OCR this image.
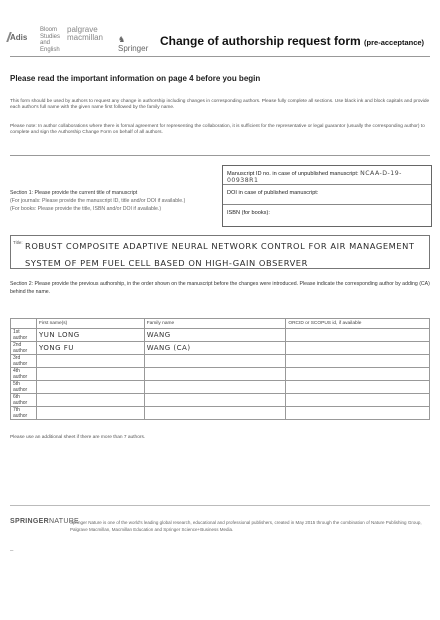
Adis
Bloom
Studies
and English
palgrave
macmillan ♞ Springer
Change of authorship request form (pre-acceptance)
Please read the important information on page 4 before you begin
This form should be used by authors to request any change in authorship including changes in corresponding authors. Please fully complete all sections. Use black ink and block capitals and provide each author's full name with the given name first followed by the family name.
Please note: In author collaborations where there is formal agreement for representing the collaboration, it is sufficient for the representative or legal guarantor (usually the corresponding author) to complete and sign the Authorship Change Form on behalf of all authors.
Manuscript ID no. in case of unpublished manuscript: NCAA-D-19-00938R1
DOI in case of published manuscript:
ISBN (for books):
Section 1: Please provide the current title of manuscript
(For journals: Please provide the manuscript ID, title and/or DOI if available.)
(For books: Please provide the title, ISBN and/or DOI if available.)
Title: ROBUST COMPOSITE ADAPTIVE NEURAL NETWORK CONTROL FOR AIR MANAGEMENT SYSTEM OF PEM FUEL CELL BASED ON HIGH-GAIN OBSERVER
Section 2: Please provide the previous authorship, in the order shown on the manuscript before the changes were introduced. Please indicate the corresponding author by adding (CA) behind the name.
	First name(s)	Family name	ORCID or SCOPUS id, if available
1st author	YUN LONG	WANG	
2nd author	YONG FU	WANG (CA)	
3rd author			
4th author			
5th author			
6th author			
7th author			
Please use an additional sheet if there are more than 7 authors.
SPRINGERNATURE
Springer Nature is one of the world's leading global research, educational and professional publishers, created in May 2015 through the combination of Nature Publishing Group, Palgrave Macmillan, Macmillan Education and Springer Science+Business Media.
–
